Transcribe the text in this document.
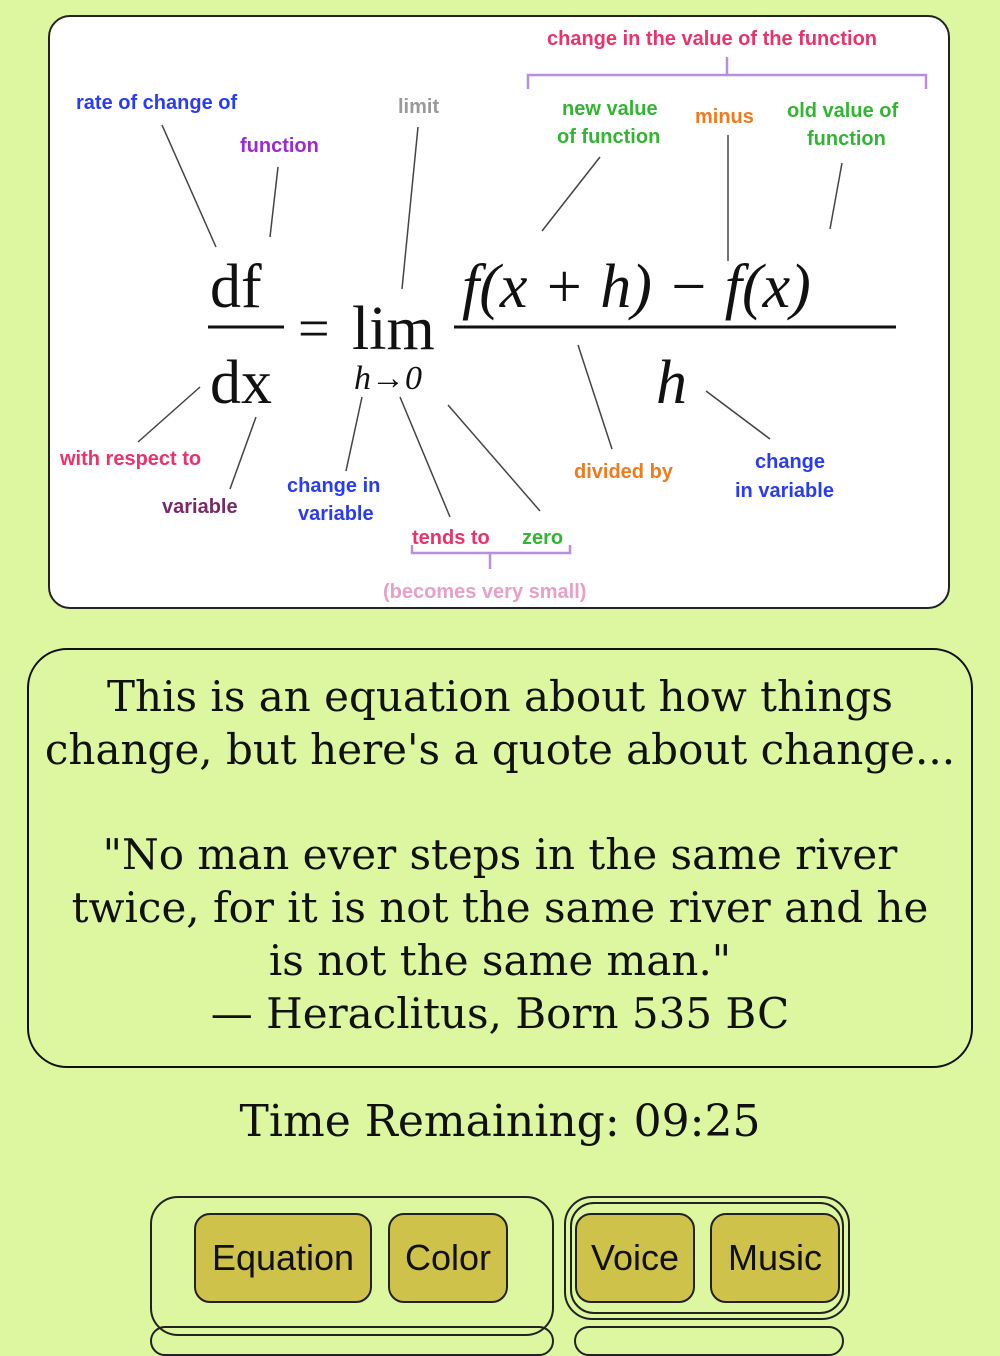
change in the value of the function
rate of change of
function
limit	new value
of function
minus old value of
function
with respect to
variable
change in
variable
divided by	change
in variable
tends to zero
(becomes very small)
df
dx
= lim
h→0
f(x + h) − f(x)
h
This is an equation about how things
change, but here's a quote about change...
"No man ever steps in the same river
twice, for it is not the same river and he
is not the same man."
— Heraclitus, Born 535 BC
Time Remaining: 09:25
Equation	Color	Voice	Music
